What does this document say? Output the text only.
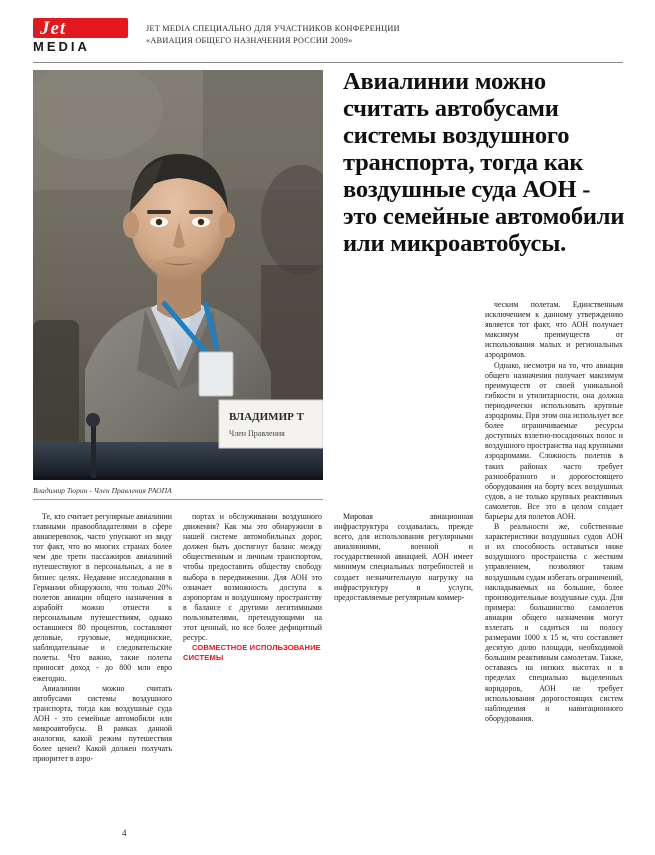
Jet
MEDIA
JET MEDIA СПЕЦИАЛЬНО ДЛЯ УЧАСТНИКОВ КОНФЕРЕНЦИИ
«АВИАЦИЯ ОБЩЕГО НАЗНАЧЕНИЯ РОССИИ 2009»
Авиалинии можно считать автобусами системы воздушного транспорта, тогда как воздушные суда АОН - это семейные автомобили или микроавтобусы.
ВЛАДИМИР Т
Член Правления
Владимир Тюрин - Член Правления РАОПА

Те, кто считает регулярные авиалинии главными правообладателями в сфере авиаперевозок, часто упускают из виду тот факт, что во многих странах более чем две трети пассажиров авиалиний путешествуют в персональных, а не в бизнес целях. Недавние исследования в Германии обнаружило, что только 20% полетов авиации общего назначения в аэрабойт можно отнести к персональным путешествиям, однако оставшиеся 80 процентов, составляют деловые, грузовые, медицинские, наблюдательные и следовательские полеты. Что важно, такие полеты приносят доход - до 800 млн евро ежегодно.

Авиалинии можно считать автобусами системы воздушного транспорта, тогда как воздушные суда АОН - это семейные автомобили или микроавтобусы. В рамках данной аналогии, какой режим путешествия более ценен? Какой должен получать приоритет в аэро-

портах и обслуживании воздушного движения? Как мы это обнаружили в нашей системе автомобильных дорог, должен быть достигнут баланс между общественным и личным транспортом, чтобы предоставить обществу свободу выбора в передвижении. Для АОН это означает возможность доступа к аэропортам и воздушному пространству в балансе с другими легитимными пользователями, претендующими на этот ценный, но все более дефицитный ресурс.

СОВМЕСТНОЕ ИСПОЛЬЗОВАНИЕ СИСТЕМЫ

Мировая авиационная инфраструктура создавалась, прежде всего, для использования регулярными авиалиниями, военной и государственной авиацией. АОН имеет минимум специальных потребностей и создает незначительную нагрузку на инфраструктуру и услуги, предоставляемые регулярным коммер-

ческим полетам. Единственным исключением к данному утверждению является тот факт, что АОН получает максимум преимуществ от использования малых и региональных аэродромов.

Однако, несмотря на то, что авиация общего назначения получает максимум преимуществ от своей уникальной гибкости и утилитарности, она должна периодически использовать крупные аэродромы. При этом она использует все более ограничиваемые ресурсы доступных взлетно-посадочных полос и воздушного пространства над крупными аэродромами. Сложность полетов в таких районах часто требует разнообразного и дорогостоящего оборудования на борту всех воздушных судов, а не только крупных реактивных самолетов. Все это в целом создает барьеры для полетов АОН.

В реальности же, собственные характеристики воздушных судов АОН и их способность оставаться ниже воздушного пространства с жестким управлением, позволяют таким воздушным судам избегать ограничений, накладываемых на большие, более производительные воздушные суда. Для примера: большинство самолетов авиации общего назначения могут взлетать и садиться на полосу размерами 1000 х 15 м, что составляет десятую долю площади, необходимой большим реактивным самолетам. Также, оставаясь на низких высотах и в пределах специально выделенных коридоров, АОН не требует использования дорогостоящих систем наблюдения и навигационного оборудования.

4
